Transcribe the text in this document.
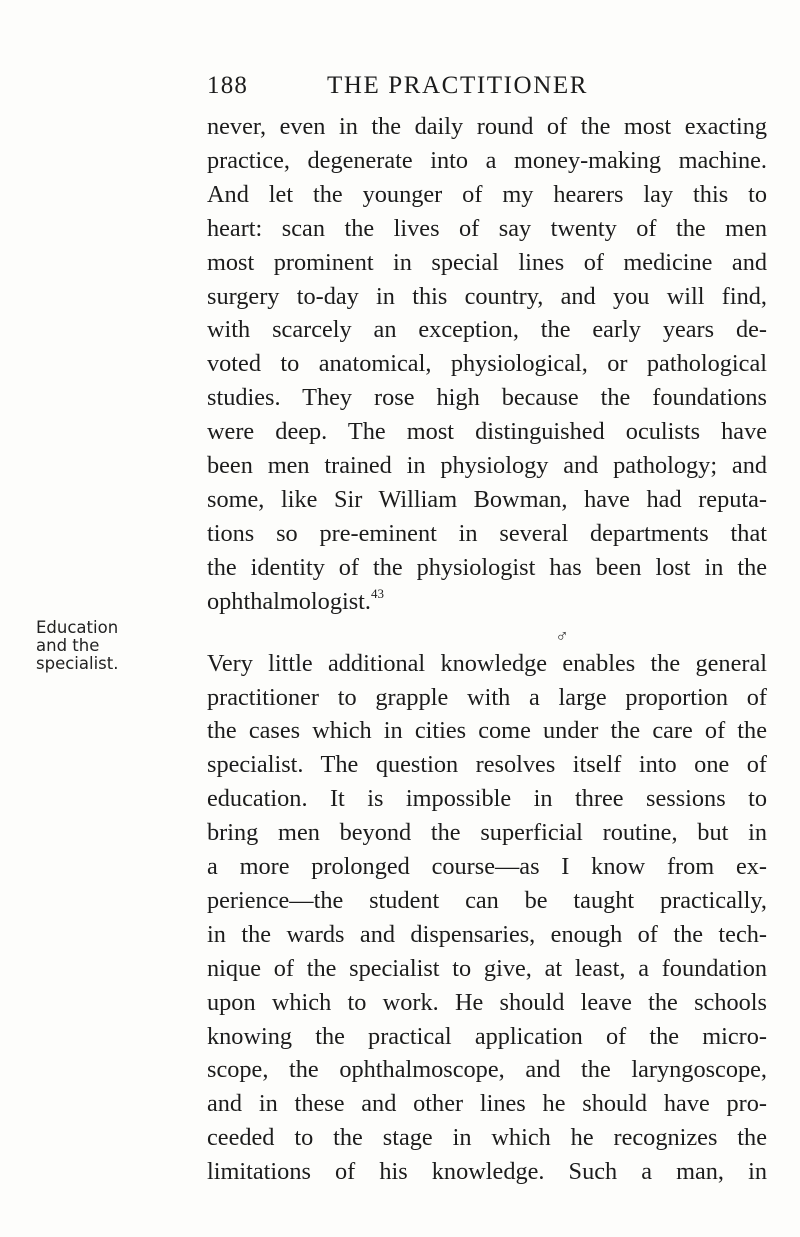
188	THE PRACTITIONER
Education
and the
specialist.
never, even in the daily round of the most exacting
practice, degenerate into a money-making machine.
And let the younger of my hearers lay this to
heart: scan the lives of say twenty of the men
most prominent in special lines of medicine and
surgery to-day in this country, and you will find,
with scarcely an exception, the early years de-
voted to anatomical, physiological, or pathological
studies. They rose high because the foundations
were deep. The most distinguished oculists have
been men trained in physiology and pathology; and
some, like Sir William Bowman, have had reputa-
tions so pre-eminent in several departments that
the identity of the physiologist has been lost in the
ophthalmologist.$^{43}$
♂
Very little additional knowledge enables the general
practitioner to grapple with a large proportion of
the cases which in cities come under the care of the
specialist. The question resolves itself into one of
education. It is impossible in three sessions to
bring men beyond the superficial routine, but in
a more prolonged course—as I know from ex-
perience—the student can be taught practically,
in the wards and dispensaries, enough of the tech-
nique of the specialist to give, at least, a foundation
upon which to work. He should leave the schools
knowing the practical application of the micro-
scope, the ophthalmoscope, and the laryngoscope,
and in these and other lines he should have pro-
ceeded to the stage in which he recognizes the
limitations of his knowledge. Such a man, in
